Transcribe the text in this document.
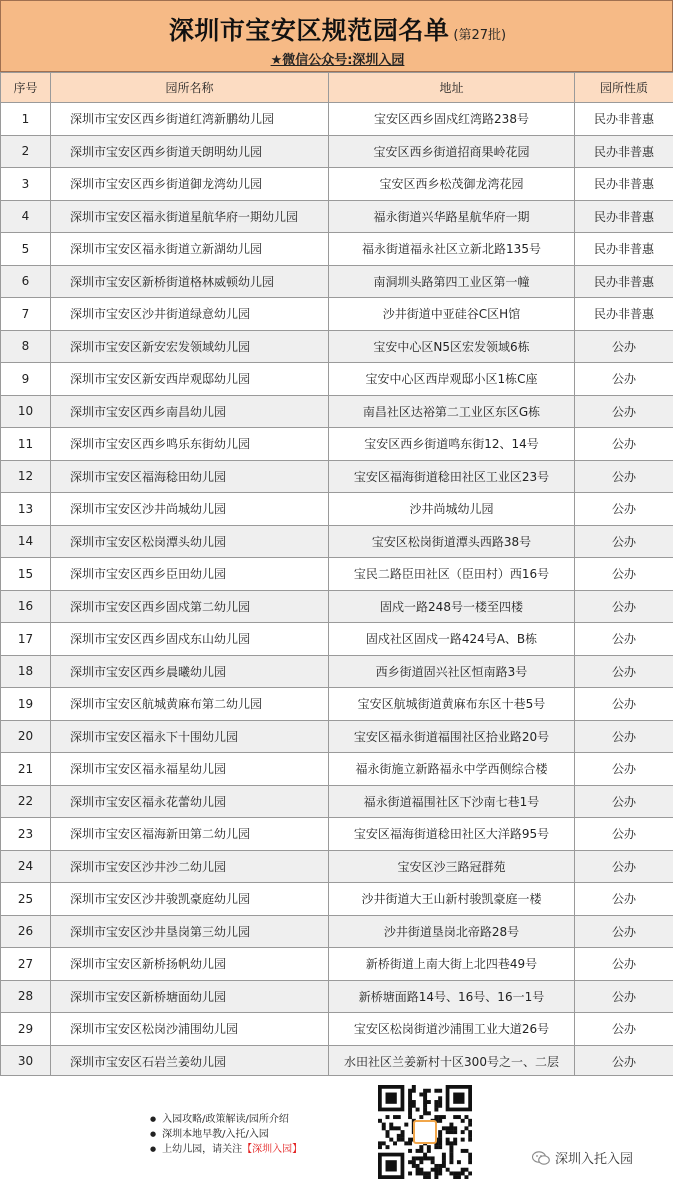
深圳市宝安区规范园名单 (第27批)
★微信公众号:深圳入园
序号	园所名称	地址	园所性质
1	深圳市宝安区西乡街道红湾新鹏幼儿园	宝安区西乡固戍红湾路238号	民办非普惠
2	深圳市宝安区西乡街道天朗明幼儿园	宝安区西乡街道招商果岭花园	民办非普惠
3	深圳市宝安区西乡街道御龙湾幼儿园	宝安区西乡松茂御龙湾花园	民办非普惠
4	深圳市宝安区福永街道星航华府一期幼儿园	福永街道兴华路星航华府一期	民办非普惠
5	深圳市宝安区福永街道立新湖幼儿园	福永街道福永社区立新北路135号	民办非普惠
6	深圳市宝安区新桥街道格林威顿幼儿园	南洞圳头路第四工业区第一幢	民办非普惠
7	深圳市宝安区沙井街道绿意幼儿园	沙井街道中亚硅谷C区H馆	民办非普惠
8	深圳市宝安区新安宏发领域幼儿园	宝安中心区N5区宏发领域6栋	公办
9	深圳市宝安区新安西岸观邸幼儿园	宝安中心区西岸观邸小区1栋C座	公办
10	深圳市宝安区西乡南昌幼儿园	南昌社区达裕第二工业区东区G栋	公办
11	深圳市宝安区西乡鸣乐东街幼儿园	宝安区西乡街道鸣东街12、14号	公办
12	深圳市宝安区福海稔田幼儿园	宝安区福海街道稔田社区工业区23号	公办
13	深圳市宝安区沙井尚城幼儿园	沙井尚城幼儿园	公办
14	深圳市宝安区松岗潭头幼儿园	宝安区松岗街道潭头西路38号	公办
15	深圳市宝安区西乡臣田幼儿园	宝民二路臣田社区（臣田村）西16号	公办
16	深圳市宝安区西乡固戍第二幼儿园	固戍一路248号一楼至四楼	公办
17	深圳市宝安区西乡固戍东山幼儿园	固戍社区固戍一路424号A、B栋	公办
18	深圳市宝安区西乡晨曦幼儿园	西乡街道固兴社区恒南路3号	公办
19	深圳市宝安区航城黄麻布第二幼儿园	宝安区航城街道黄麻布东区十巷5号	公办
20	深圳市宝安区福永下十围幼儿园	宝安区福永街道福围社区拾业路20号	公办
21	深圳市宝安区福永福星幼儿园	福永街施立新路福永中学西侧综合楼	公办
22	深圳市宝安区福永花蕾幼儿园	福永街道福围社区下沙南七巷1号	公办
23	深圳市宝安区福海新田第二幼儿园	宝安区福海街道稔田社区大洋路95号	公办
24	深圳市宝安区沙井沙二幼儿园	宝安区沙三路冠群苑	公办
25	深圳市宝安区沙井骏凯豪庭幼儿园	沙井街道大王山新村骏凯豪庭一楼	公办
26	深圳市宝安区沙井垦岗第三幼儿园	沙井街道垦岗北帝路28号	公办
27	深圳市宝安区新桥扬帆幼儿园	新桥街道上南大街上北四巷49号	公办
28	深圳市宝安区新桥塘面幼儿园	新桥塘面路14号、16号、16一1号	公办
29	深圳市宝安区松岗沙浦围幼儿园	宝安区松岗街道沙浦围工业大道26号	公办
30	深圳市宝安区石岩兰姜幼儿园	水田社区兰姜新村十区300号之一、二层	公办
● 入园攻略/政策解读/园所介绍
● 深圳本地早教/入托/入园
● 上幼儿园，请关注【深圳入园】
深圳入托入园
